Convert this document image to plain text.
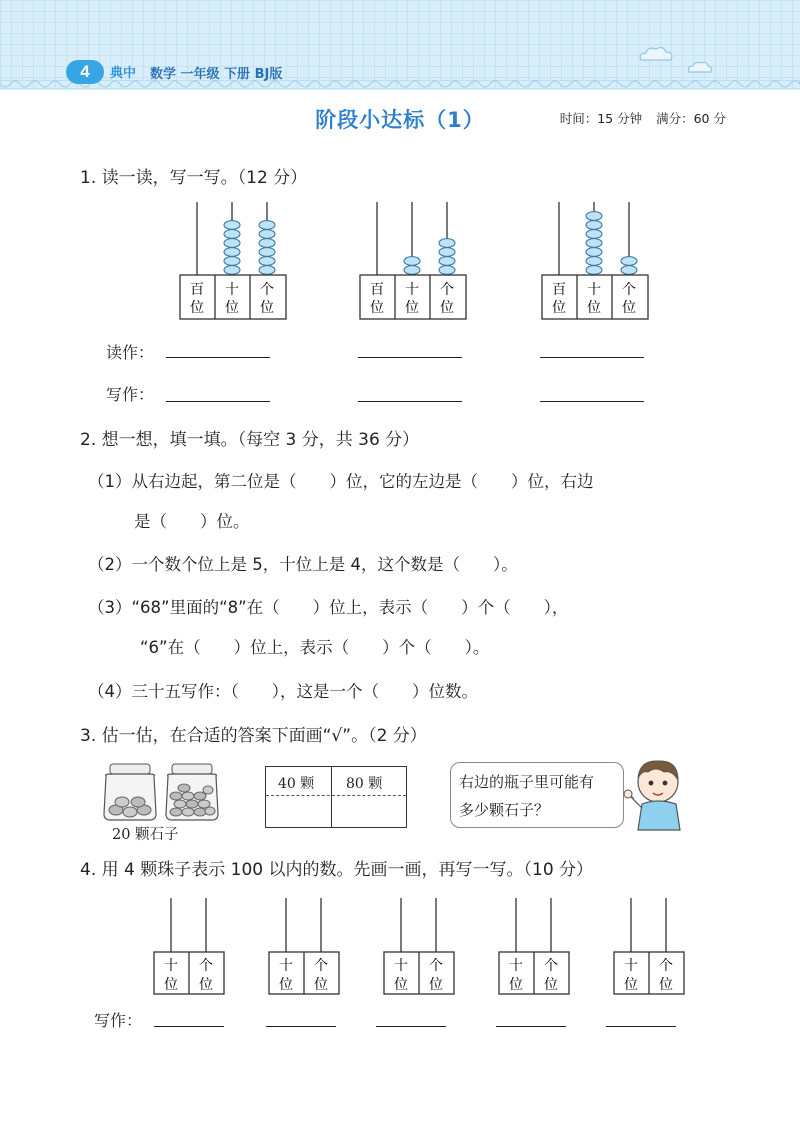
4	典中 数学 一年级 下册 BJ版
阶段小达标（1）	时间：15 分钟 满分：60 分
1. 读一读，写一写。（12 分）
百
位
十
位
个
位
百
位
十
位
个
位
百
位
十
位
个
位
读作：
写作：
2. 想一想，填一填。（每空 3 分，共 36 分）
（1）从右边起，第二位是（　　）位，它的左边是（　　）位，右边
是（　　）位。
（2）一个数个位上是 5，十位上是 4，这个数是（　　）。
（3）“68”里面的“8”在（　　）位上，表示（　　）个（　　），
“6”在（　　）位上，表示（　　）个（　　）。
（4）三十五写作：（　　），这是一个（　　）位数。
3. 估一估，在合适的答案下面画“√”。（2 分）
20 颗石子
40 颗 80 颗	右边的瓶子里可能有
多少颗石子？
4. 用 4 颗珠子表示 100 以内的数。先画一画，再写一写。（10 分）
十
位
个
位
十
位
个
位
十
位
个
位
十
位
个
位
十
位
个
位
写作：
